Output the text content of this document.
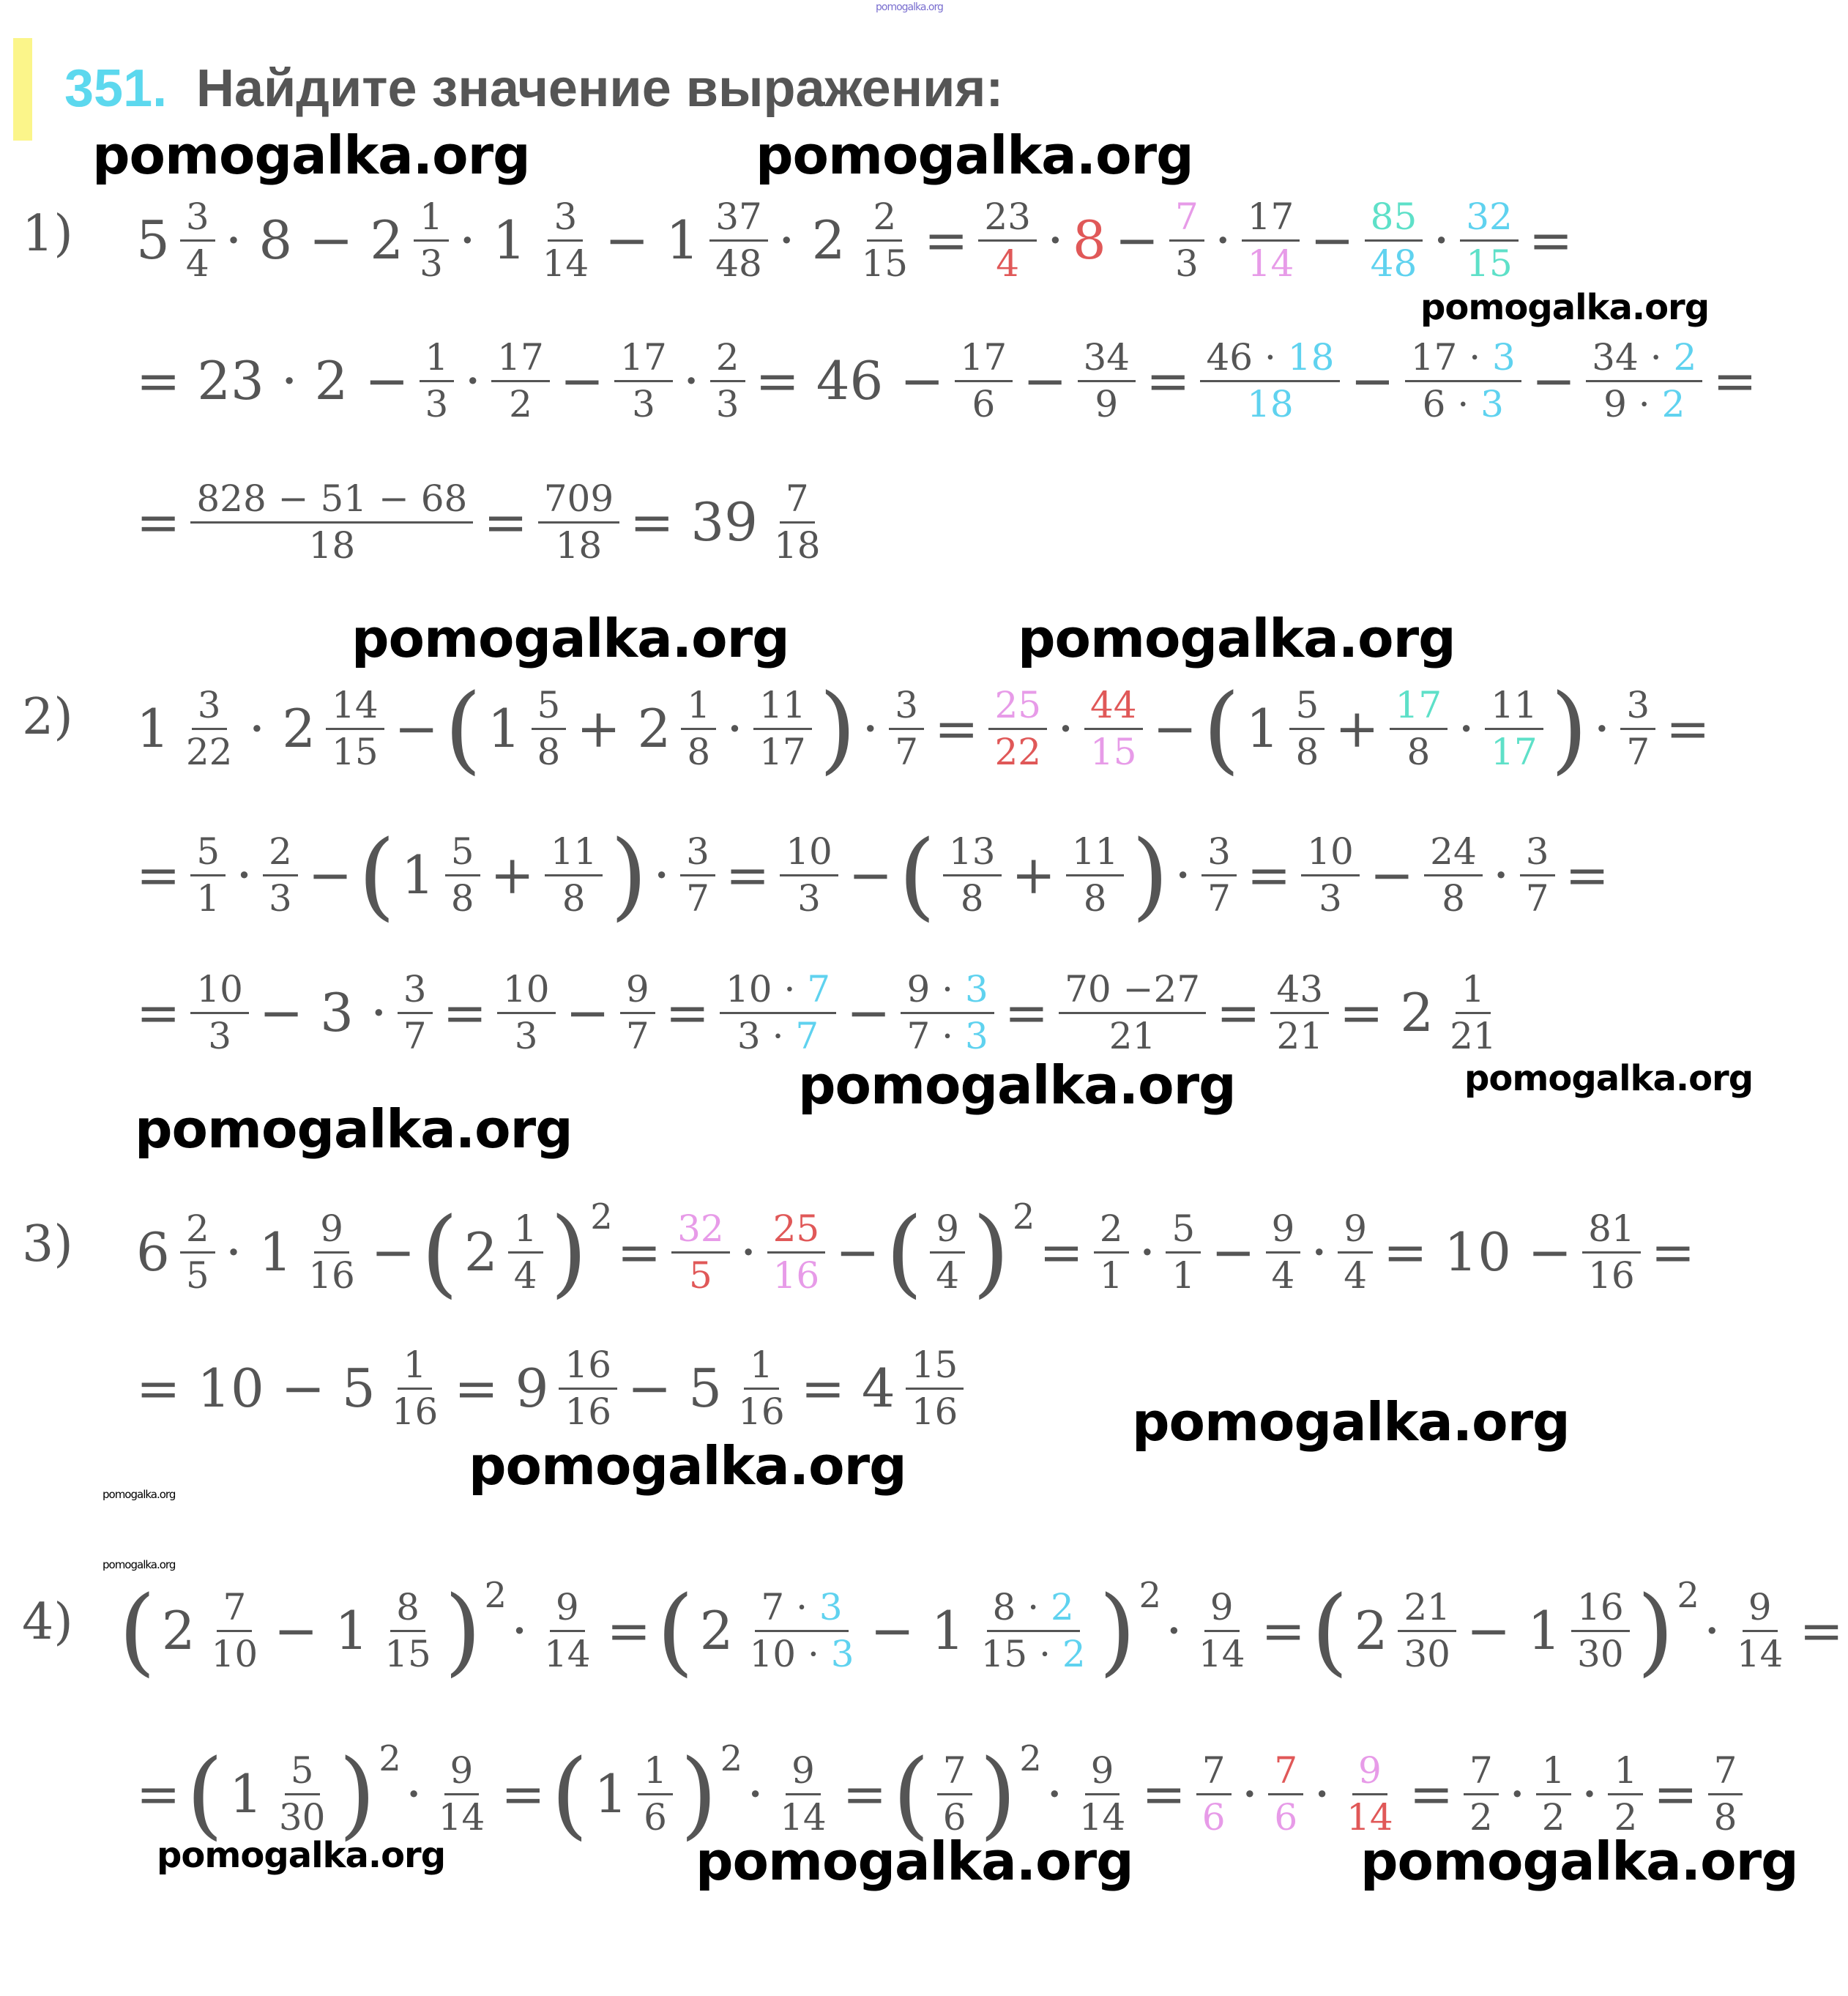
351. Найдите значение выражения:
pomogalka.org
pomogalka.org	pomogalka.org
pomogalka.org
pomogalka.org	pomogalka.org
pomogalka.org	pomogalka.org
pomogalka.org
pomogalka.org
pomogalka.org
pomogalka.org
pomogalka.org
pomogalka.org	pomogalka.org	pomogalka.org
1)
2)
3)
4)
$5 \frac{3}{4} \cdot 8 - 2 \frac{1}{3} \cdot 1 \frac{3}{14} - 1 \frac{37}{48} \cdot 2 \frac{2}{15} = \frac{23}{4} \cdot 8 - \frac{7}{3} \cdot \frac{17}{14} - \frac{85}{48} \cdot \frac{32}{15}$ =
= $23 \cdot 2 - \frac{1}{3} \cdot \frac{17}{2} - \frac{17}{3} \cdot \frac{2}{3} = 46 - \frac{17}{6} - \frac{34}{9} = \frac{46 \cdot 18}{18} - \frac{17 \cdot 3}{6 \cdot 3} - \frac{34 \cdot 2}{9 \cdot 2}$ =
= $\frac{828 - 51 - 68}{18} = \frac{709}{18} = 39 \frac{7}{18}$
$1 \frac{3}{22} \cdot 2 \frac{14}{15}$ − ( $1 \frac{5}{8} + 2 \frac{1}{8} \cdot \frac{11}{17}$ ) · $\frac{3}{7} = \frac{25}{22} \cdot \frac{44}{15}$ − ( $1 \frac{5}{8} + \frac{17}{8} \cdot \frac{11}{17}$ ) · $\frac{3}{7}$ =
= $\frac{5}{1} \cdot \frac{2}{3}$ − ( $1 \frac{5}{8} + \frac{11}{8}$ ) · $\frac{3}{7} = \frac{10}{3}$ − ( $\frac{13}{8} + \frac{11}{8}$ ) · $\frac{3}{7} = \frac{10}{3} - \frac{24}{8} \cdot \frac{3}{7}$ =
= $\frac{10}{3} - 3 \cdot \frac{3}{7} = \frac{10}{3} - \frac{9}{7} = \frac{10 \cdot 7}{3 \cdot 7} - \frac{9 \cdot 3}{7 \cdot 3} = \frac{70 -27}{21} = \frac{43}{21} = 2 \frac{1}{21}$
$6 \frac{2}{5} \cdot 1 \frac{9}{16}$ − ( $2 \frac{1}{4}$ ) 2
= $\frac{32}{5} \cdot \frac{25}{16}$ − ( $\frac{9}{4}$ ) 2
= $\frac{2}{1} \cdot \frac{5}{1} - \frac{9}{4} \cdot \frac{9}{4} = 10 - \frac{81}{16}$ =
= $10 - 5 \frac{1}{16} = 9 \frac{16}{16} - 5 \frac{1}{16} = 4 \frac{15}{16}$
( $2 \frac{7}{10} - 1 \frac{8}{15}$ ) 2
· $\frac{9}{14}$ = ( $2 \frac{7 \cdot 3}{10 \cdot 3} - 1 \frac{8 \cdot 2}{15 \cdot 2}$ ) 2
· $\frac{9}{14}$ = ( $2 \frac{21}{30} - 1 \frac{16}{30}$ ) 2
· $\frac{9}{14}$ =
= ( $1 \frac{5}{30}$ ) 2
· $\frac{9}{14}$ = ( $1 \frac{1}{6}$ ) 2
· $\frac{9}{14}$ = ( $\frac{7}{6}$ ) 2
· $\frac{9}{14} = \frac{7}{6} \cdot \frac{7}{6} \cdot \frac{9}{14} = \frac{7}{2} \cdot \frac{1}{2} \cdot \frac{1}{2} = \frac{7}{8}$
